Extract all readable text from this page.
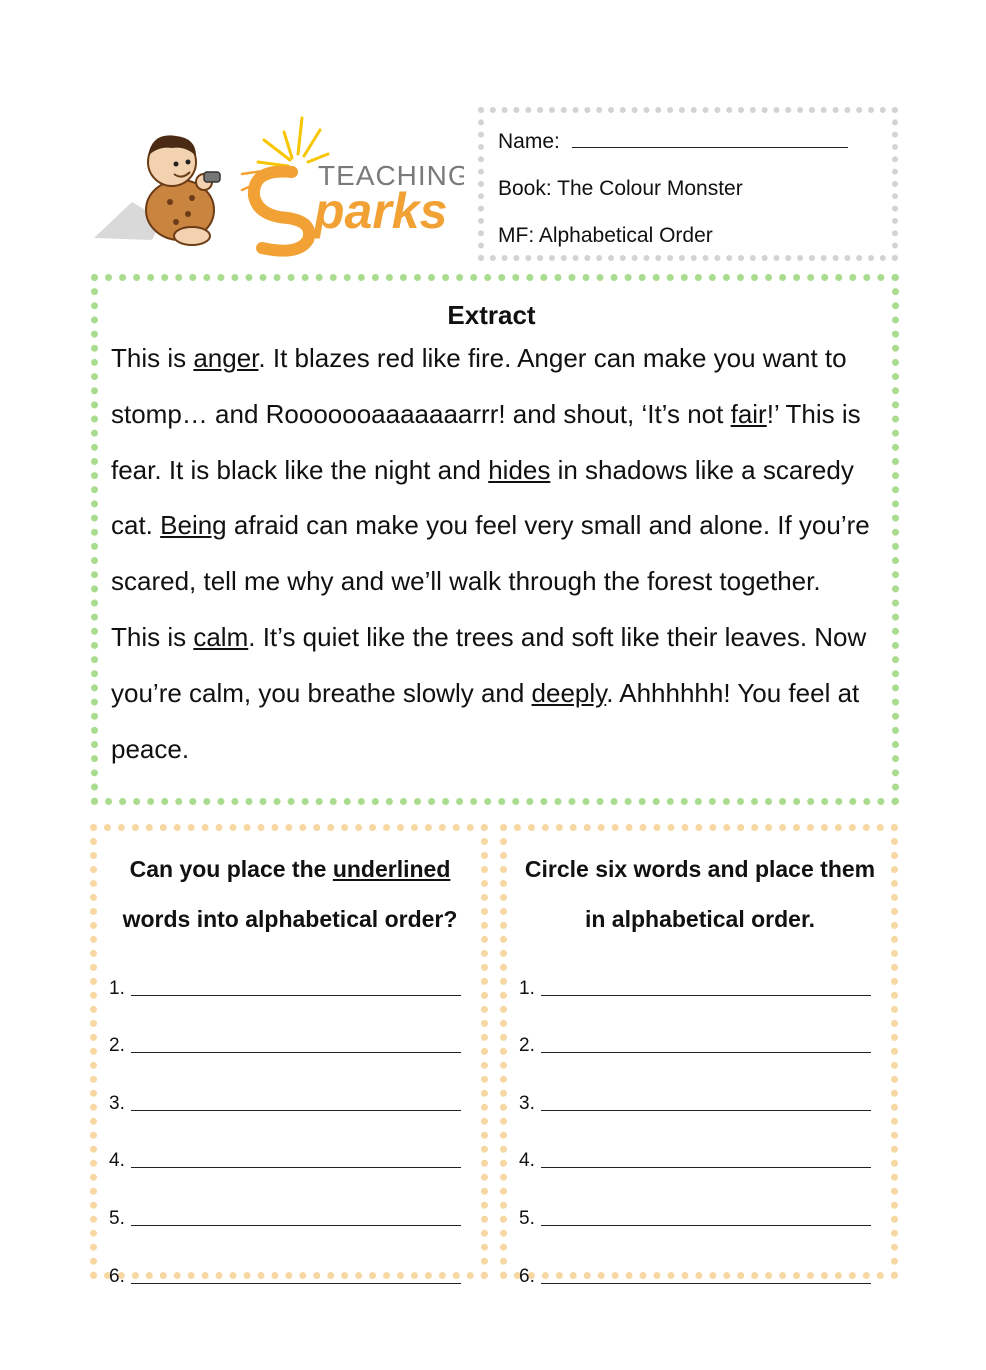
TEACHING
parks
Name:
Book: The Colour Monster
MF: Alphabetical Order
Extract

This is anger. It blazes red like fire. Anger can make you want to stomp… and Rooooooaaaaaaarrr! and shout, ‘It’s not fair!’ This is fear. It is black like the night and hides in shadows like a scaredy cat. Being afraid can make you feel very small and alone. If you’re scared, tell me why and we’ll walk through the forest together. This is calm. It’s quiet like the trees and soft like their leaves. Now you’re calm, you breathe slowly and deeply. Ahhhhhh! You feel at peace.

Can you place the underlined words into alphabetical order?
1.
2.
3.
4.
5.
6.
Circle six words and place them in alphabetical order.
1.
2.
3.
4.
5.
6.
